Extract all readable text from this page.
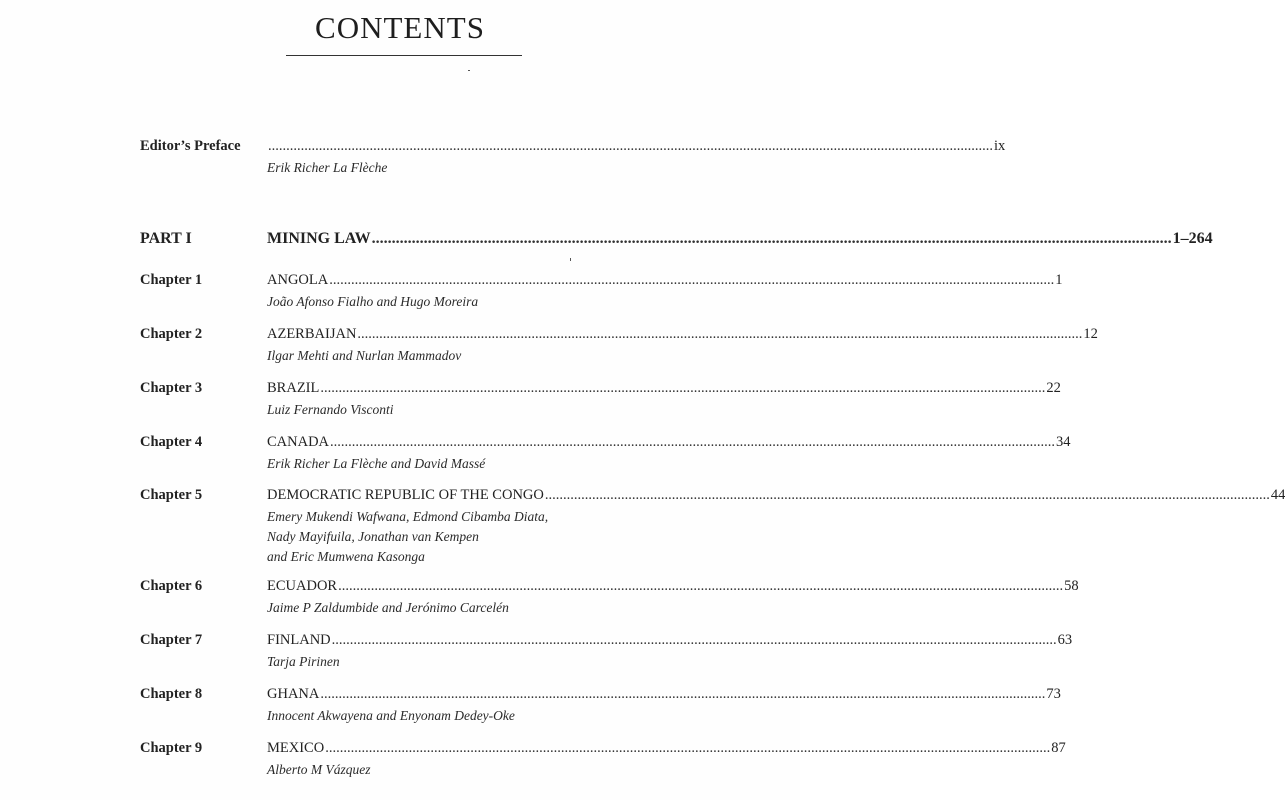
CONTENTS
Editor’s Preface ........................................................................................................................................................................................................ ix
Erik Richer La Flèche
PART I	MINING LAW ........................................................................................................................................................................................................ 1–264
Chapter 1	ANGOLA ........................................................................................................................................................................................................ 1
João Afonso Fialho and Hugo Moreira
Chapter 2	AZERBAIJAN ........................................................................................................................................................................................................ 12
Ilgar Mehti and Nurlan Mammadov
Chapter 3	BRAZIL ........................................................................................................................................................................................................ 22
Luiz Fernando Visconti
Chapter 4	CANADA ........................................................................................................................................................................................................ 34
Erik Richer La Flèche and David Massé
Chapter 5	DEMOCRATIC REPUBLIC OF THE CONGO ........................................................................................................................................................................................................ 44
Emery Mukendi Wafwana, Edmond Cibamba Diata,
Nady Mayifuila, Jonathan van Kempen
and Eric Mumwena Kasonga
Chapter 6	ECUADOR ........................................................................................................................................................................................................ 58
Jaime P Zaldumbide and Jerónimo Carcelén
Chapter 7	FINLAND ........................................................................................................................................................................................................ 63
Tarja Pirinen
Chapter 8	GHANA ........................................................................................................................................................................................................ 73
Innocent Akwayena and Enyonam Dedey-Oke
Chapter 9	MEXICO ........................................................................................................................................................................................................ 87
Alberto M Vázquez
